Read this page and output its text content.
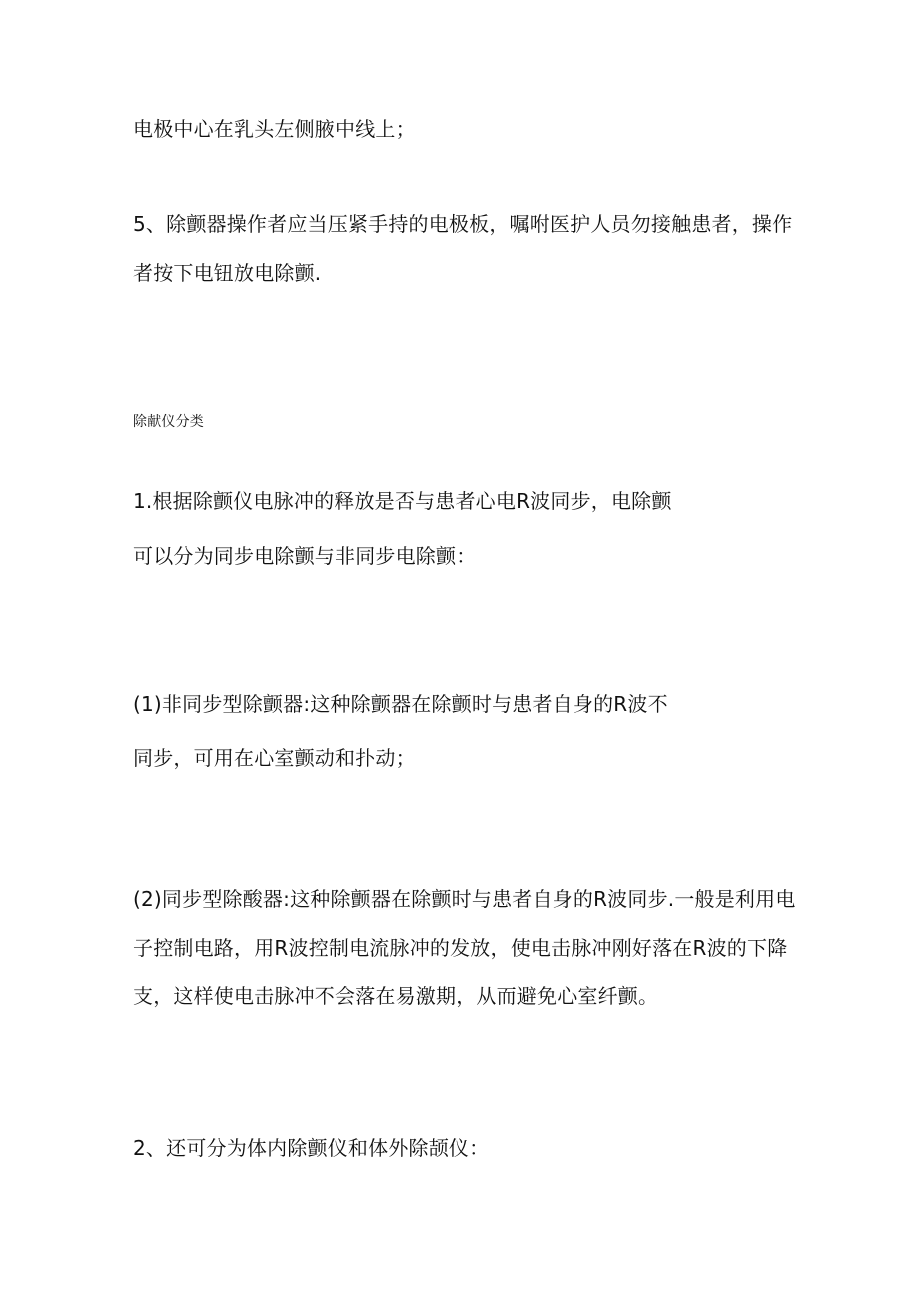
电极中心在乳头左侧腋中线上；

5、除颤器操作者应当压紧手持的电极板，嘱咐医护人员勿接触患者，操作

者按下电钮放电除颤.

除献仪分类

1.根据除颤仪电脉冲的释放是否与患者心电R波同步，电除颤

可以分为同步电除颤与非同步电除颤：

(1)非同步型除颤器:这种除颤器在除颤时与患者自身的R波不

同步，可用在心室颤动和扑动；

(2)同步型除酸器:这种除颤器在除颤时与患者自身的R波同步.一般是利用电

子控制电路，用R波控制电流脉冲的发放，使电击脉冲刚好落在R波的下降

支，这样使电击脉冲不会落在易激期，从而避免心室纤颤。

2、还可分为体内除颤仪和体外除颉仪：
